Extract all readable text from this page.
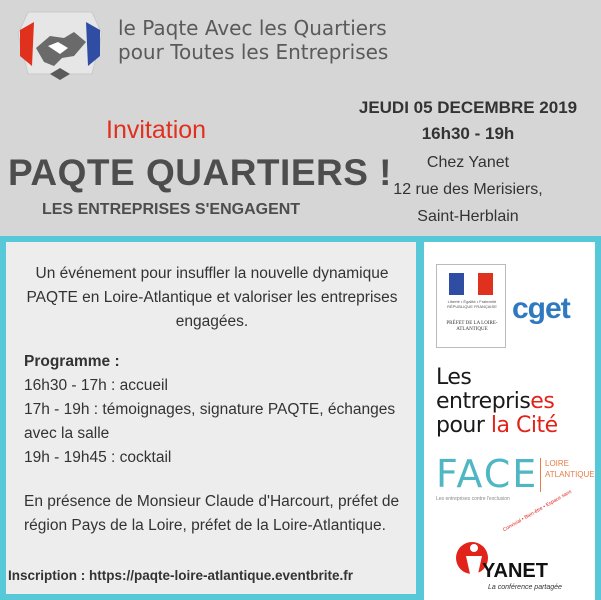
le Paqte Avec les Quartiers
pour Toutes les Entreprises
Invitation
PAQTE QUARTIERS !
LES ENTREPRISES S'ENGAGENT
JEUDI 05 DECEMBRE 2019
16h30 - 19h
Chez Yanet
12 rue des Merisiers,
Saint-Herblain
Un événement pour insuffler la nouvelle dynamique PAQTE en Loire-Atlantique et valoriser les entreprises engagées.
Programme :
16h30 - 17h : accueil
17h - 19h : témoignages, signature PAQTE, échanges avec la salle
19h - 19h45 : cocktail
En présence de Monsieur Claude d'Harcourt, préfet de région Pays de la Loire, préfet de la Loire-Atlantique.
Inscription : https://paqte-loire-atlantique.eventbrite.fr
Liberté • Égalité • Fraternité RÉPUBLIQUE FRANÇAISE
PRÉFET DE LA LOIRE-ATLANTIQUE
cget
Les
entreprises
pour la Cité
FACE LOIRE
ATLANTIQUE
Les entreprises contre l'exclusion
Convivial • Bien-être • Espace sans
YANET
La conférence partagée
